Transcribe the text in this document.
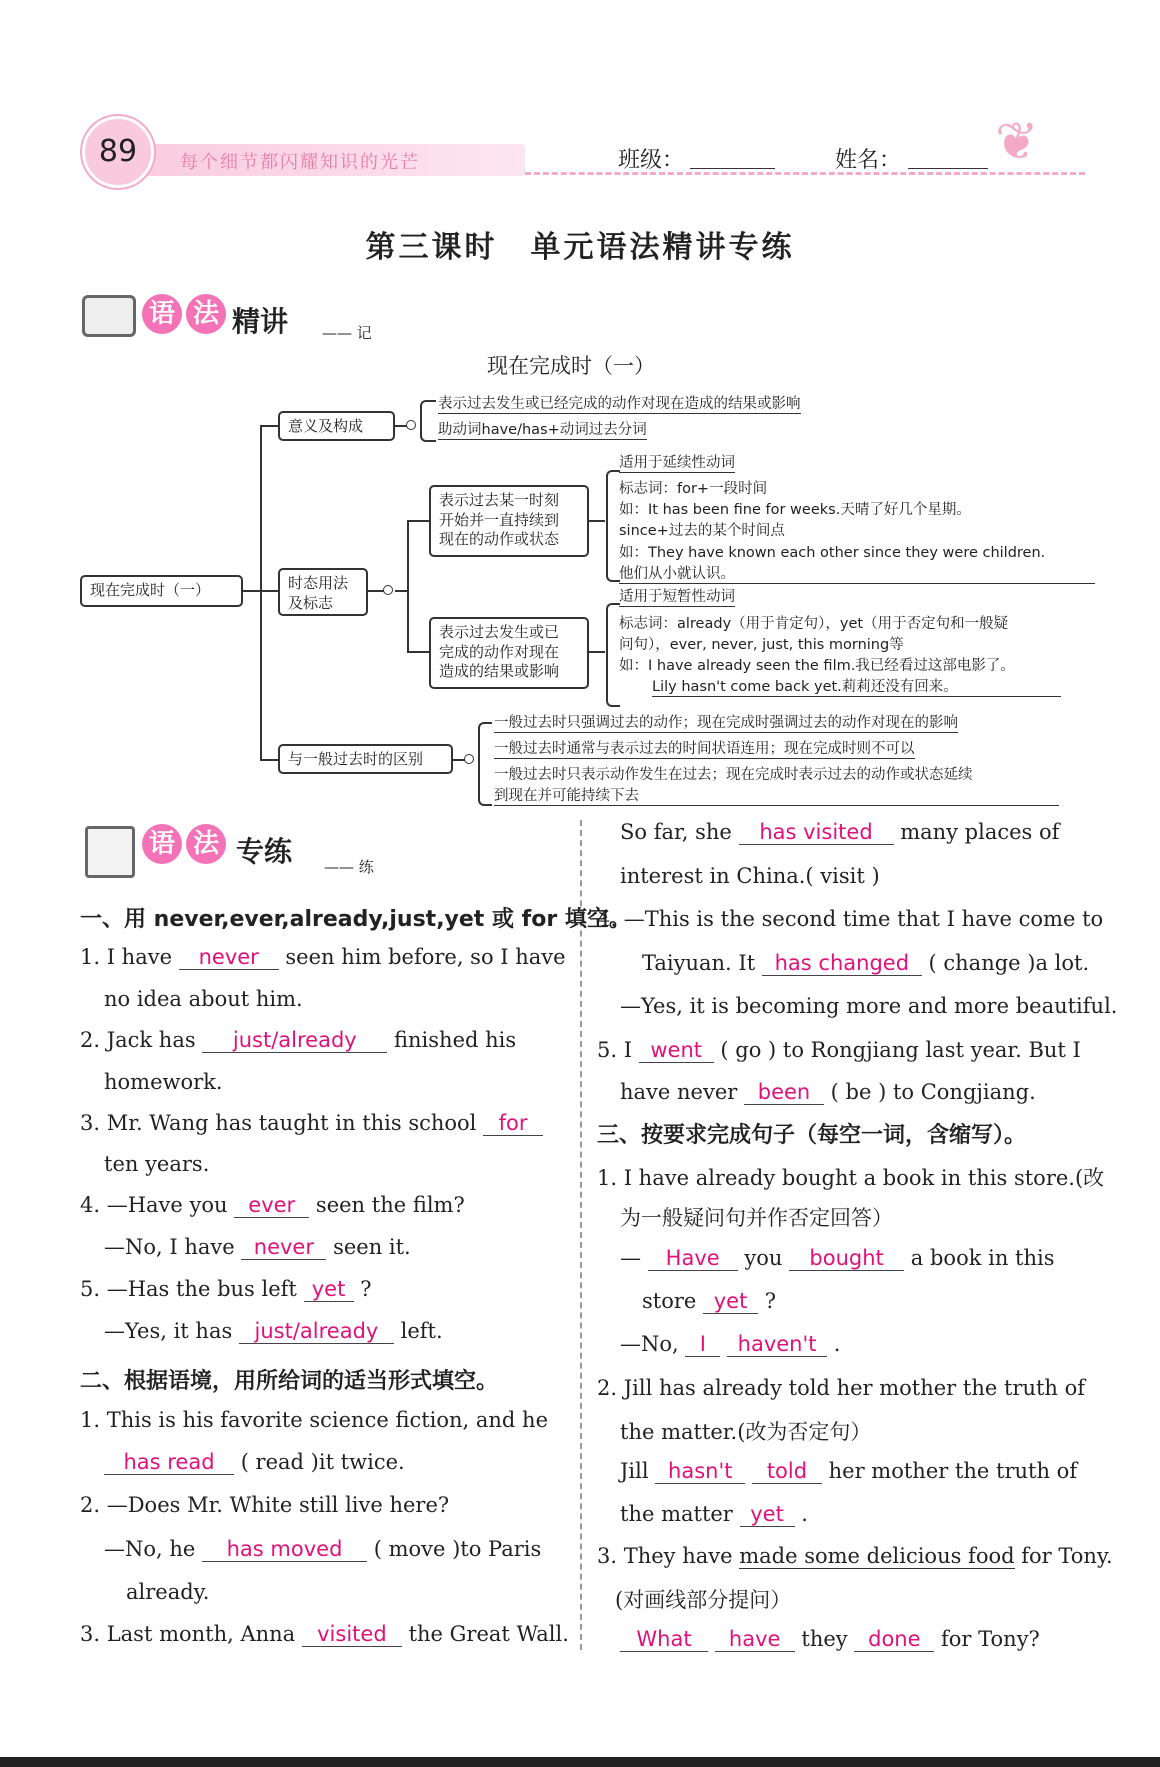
89	每个细节都闪耀知识的光芒	班级：	姓名： ❦
第三课时　单元语法精讲专练
语 法 精讲 —— 记
现在完成时（一）
现在完成时（一）
意义及构成
表示过去发生或已经完成的动作对现在造成的结果或影响
助动词have/has+动词过去分词
时态用法
及标志
表示过去某一时刻
开始并一直持续到
现在的动作或状态
适用于延续性动词
标志词：for+一段时间
如：It has been fine for weeks.天晴了好几个星期。
since+过去的某个时间点
如：They have known each other since they were children.
他们从小就认识。
表示过去发生或已
完成的动作对现在
造成的结果或影响
适用于短暂性动词
标志词：already（用于肯定句），yet（用于否定句和一般疑
问句），ever, never, just, this morning等
如：I have already seen the film.我已经看过这部电影了。
Lily hasn't come back yet.莉莉还没有回来。
与一般过去时的区别
一般过去时只强调过去的动作；现在完成时强调过去的动作对现在的影响
一般过去时通常与表示过去的时间状语连用；现在完成时则不可以
一般过去时只表示动作发生在过去；现在完成时表示过去的动作或状态延续
到现在并可能持续下去
语 法 专练 —— 练
一、用 never,ever,already,just,yet 或 for 填空。
1. I have never seen him before, so I have
no idea about him.
2. Jack has just/already finished his
homework.
3. Mr. Wang has taught in this school for
ten years.
4. —Have you ever seen the film?
—No, I have never seen it.
5. —Has the bus left yet ?
—Yes, it has just/already left.
二、根据语境，用所给词的适当形式填空。
1. This is his favorite science fiction, and he
has read ( read )it twice.
2. —Does Mr. White still live here?
—No, he has moved ( move )to Paris
already.
3. Last month, Anna visited the Great Wall.
So far, she has visited many places of
interest in China.( visit )
4. —This is the second time that I have come to
Taiyuan. It has changed ( change )a lot.
—Yes, it is becoming more and more beautiful.
5. I went ( go ) to Rongjiang last year. But I
have never been ( be ) to Congjiang.
三、按要求完成句子（每空一词，含缩写）。
1. I have already bought a book in this store.(改
为一般疑问句并作否定回答）
— Have you bought a book in this
store yet ?
—No, I haven't .
2. Jill has already told her mother the truth of
the matter.(改为否定句）
Jill hasn't told her mother the truth of
the matter yet .
3. They have made some delicious food for Tony.
(对画线部分提问）
What have they done for Tony?
